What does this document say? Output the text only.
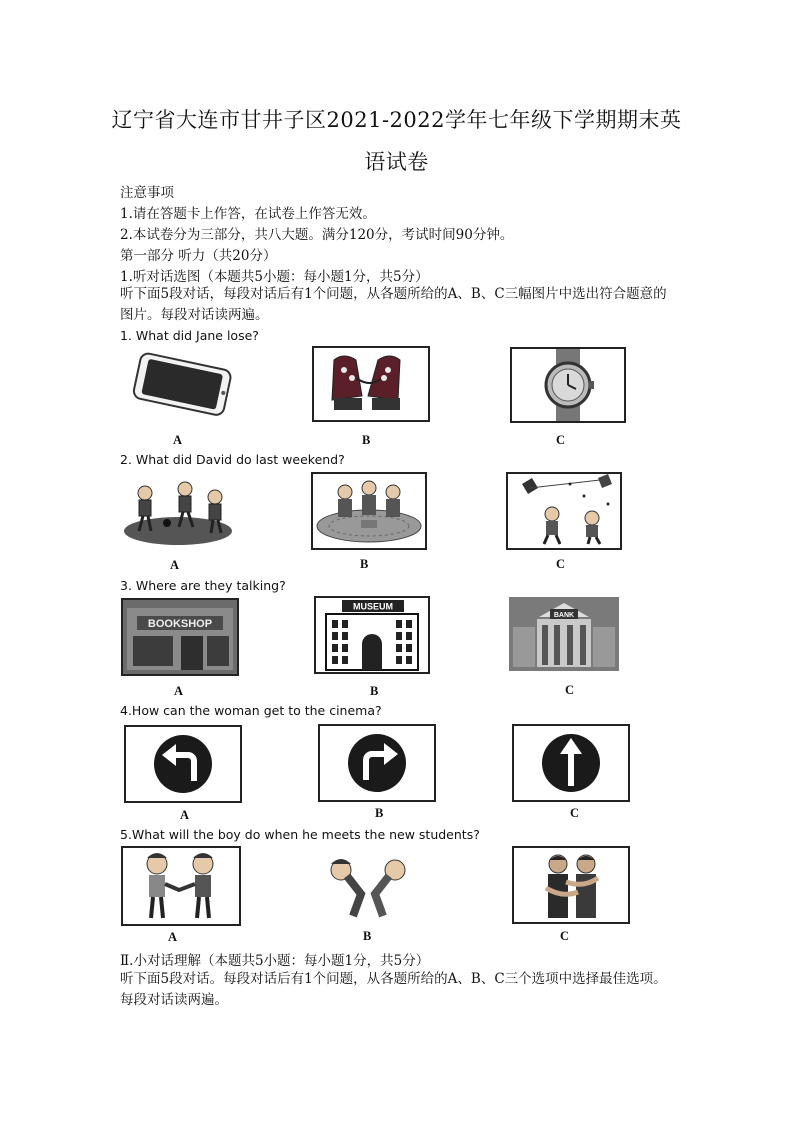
辽宁省大连市甘井子区2021-2022学年七年级下学期期末英
语试卷
注意事项
1.请在答题卡上作答，在试卷上作答无效。
2.本试卷分为三部分，共八大题。满分120分，考试时间90分钟。
第一部分 听力（共20分）
1.听对话选图（本题共5小题：每小题1分，共5分）
听下面5段对话，每段对话后有1个问题，从各题所给的A、B、C三幅图片中选出符合题意的图片。每段对话读两遍。
1. What did Jane lose?
A	B	C
2. What did David do last weekend?
A	B	C
3. Where are they talking?
BOOKSHOP
A
MUSEUM
B
BANK
C
4.How can the woman get to the cinema?
A	B	C
5.What will the boy do when he meets the new students?
A	B	C
Ⅱ.小对话理解（本题共5小题：每小题1分，共5分）
听下面5段对话。每段对话后有1个问题，从各题所给的A、B、C三个选项中选择最佳选项。每段对话读两遍。
